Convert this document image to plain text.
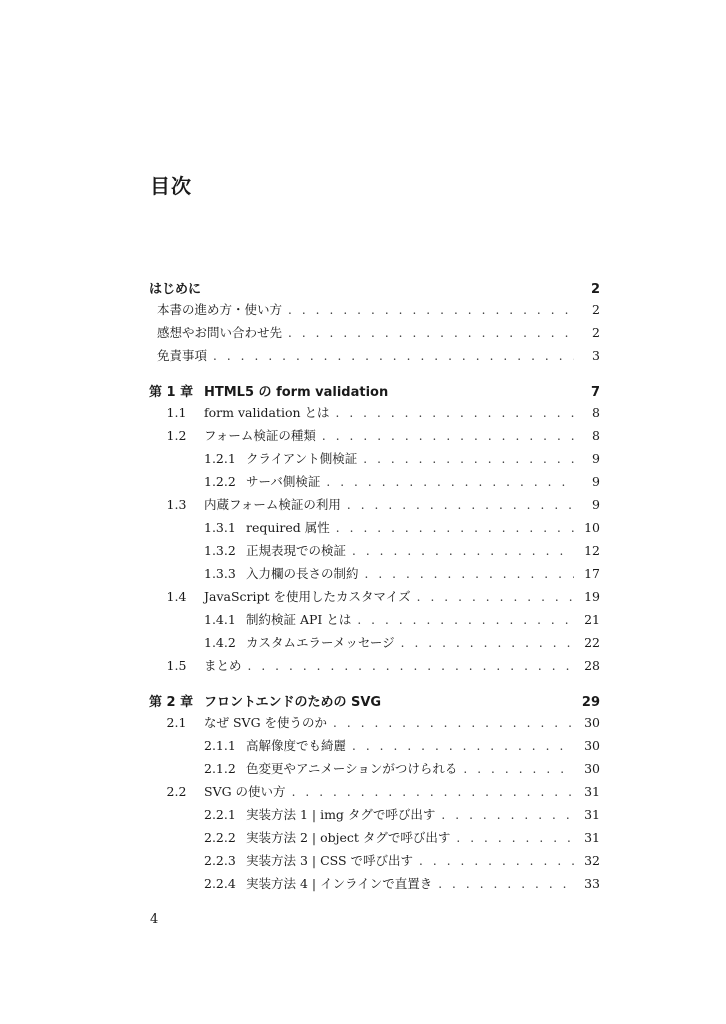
目次
はじめに	2
本書の進め方・使い方 . . .	2
感想やお問い合わせ先 . . .	2
免責事項 . . .	3
第 1 章 HTML5 の form validation	7
1.1	form validation とは . . .	8
1.2	フォーム検証の種類 . . .	8
1.2.1 クライアント側検証 . . .	9
1.2.2 サーバ側検証 . . .	9
1.3	内蔵フォーム検証の利用 . . .	9
1.3.1 required 属性 . . .	10
1.3.2 正規表現での検証 . . .	12
1.3.3 入力欄の長さの制約 . . .	17
1.4	JavaScript を使用したカスタマイズ . . .	19
1.4.1 制約検証 API とは . . .	21
1.4.2 カスタムエラーメッセージ . . .	22
1.5	まとめ . . .	28
第 2 章 フロントエンドのための SVG	29
2.1	なぜ SVG を使うのか . . .	30
2.1.1 高解像度でも綺麗 . . .	30
2.1.2 色変更やアニメーションがつけられる . . .	30
2.2	SVG の使い方 . . .	31
2.2.1 実装方法 1 | img タグで呼び出す . . .	31
2.2.2 実装方法 2 | object タグで呼び出す . . .	31
2.2.3 実装方法 3 | CSS で呼び出す . . .	32
2.2.4 実装方法 4 | インラインで直置き . . .	33
4
